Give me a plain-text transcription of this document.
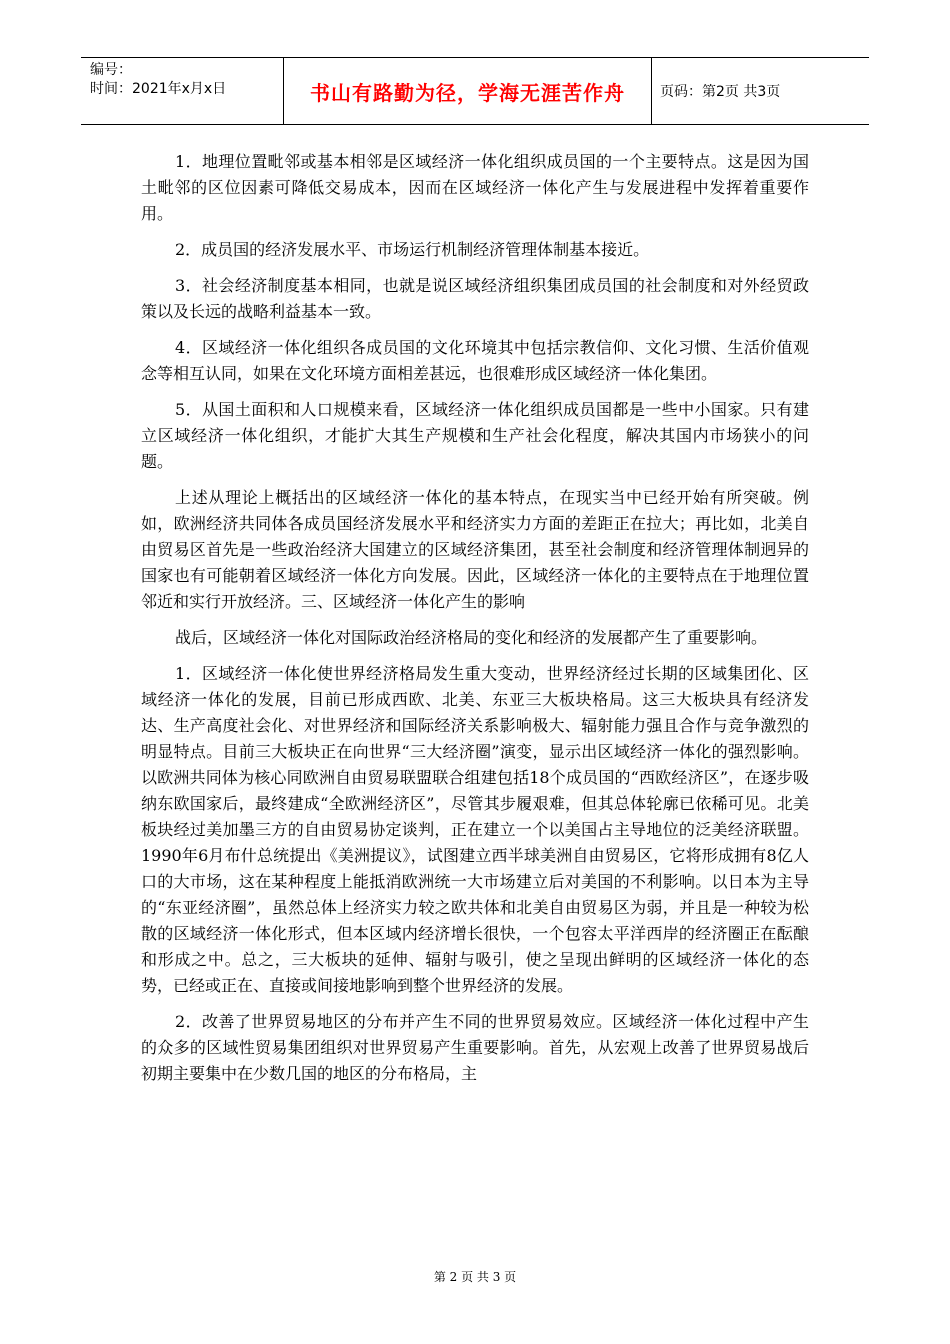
编号：
时间：2021年x月x日	书山有路勤为径，学海无涯苦作舟	页码：第2页 共3页

1．地理位置毗邻或基本相邻是区域经济一体化组织成员国的一个主要特点。这是因为国土毗邻的区位因素可降低交易成本，因而在区域经济一体化产生与发展进程中发挥着重要作用。

2．成员国的经济发展水平、市场运行机制经济管理体制基本接近。

3．社会经济制度基本相同，也就是说区域经济组织集团成员国的社会制度和对外经贸政策以及长远的战略利益基本一致。

4．区域经济一体化组织各成员国的文化环境其中包括宗教信仰、文化习惯、生活价值观念等相互认同，如果在文化环境方面相差甚远，也很难形成区域经济一体化集团。

5．从国土面积和人口规模来看，区域经济一体化组织成员国都是一些中小国家。只有建立区域经济一体化组织，才能扩大其生产规模和生产社会化程度，解决其国内市场狭小的问题。

上述从理论上概括出的区域经济一体化的基本特点，在现实当中已经开始有所突破。例如，欧洲经济共同体各成员国经济发展水平和经济实力方面的差距正在拉大；再比如，北美自由贸易区首先是一些政治经济大国建立的区域经济集团，甚至社会制度和经济管理体制迥异的国家也有可能朝着区域经济一体化方向发展。因此，区域经济一体化的主要特点在于地理位置邻近和实行开放经济。三、区域经济一体化产生的影响

战后，区域经济一体化对国际政治经济格局的变化和经济的发展都产生了重要影响。

1．区域经济一体化使世界经济格局发生重大变动，世界经济经过长期的区域集团化、区域经济一体化的发展，目前已形成西欧、北美、东亚三大板块格局。这三大板块具有经济发达、生产高度社会化、对世界经济和国际经济关系影响极大、辐射能力强且合作与竞争激烈的明显特点。目前三大板块正在向世界“三大经济圈”演变，显示出区域经济一体化的强烈影响。以欧洲共同体为核心同欧洲自由贸易联盟联合组建包括18个成员国的“西欧经济区”，在逐步吸纳东欧国家后，最终建成“全欧洲经济区”，尽管其步履艰难，但其总体轮廓已依稀可见。北美板块经过美加墨三方的自由贸易协定谈判，正在建立一个以美国占主导地位的泛美经济联盟。1990年6月布什总统提出《美洲提议》，试图建立西半球美洲自由贸易区，它将形成拥有8亿人口的大市场，这在某种程度上能抵消欧洲统一大市场建立后对美国的不利影响。以日本为主导的“东亚经济圈”，虽然总体上经济实力较之欧共体和北美自由贸易区为弱，并且是一种较为松散的区域经济一体化形式，但本区域内经济增长很快，一个包容太平洋西岸的经济圈正在酝酿和形成之中。总之，三大板块的延伸、辐射与吸引，使之呈现出鲜明的区域经济一体化的态势，已经或正在、直接或间接地影响到整个世界经济的发展。

2．改善了世界贸易地区的分布并产生不同的世界贸易效应。区域经济一体化过程中产生的众多的区域性贸易集团组织对世界贸易产生重要影响。首先，从宏观上改善了世界贸易战后初期主要集中在少数几国的地区的分布格局，主

第 2 页 共 3 页
